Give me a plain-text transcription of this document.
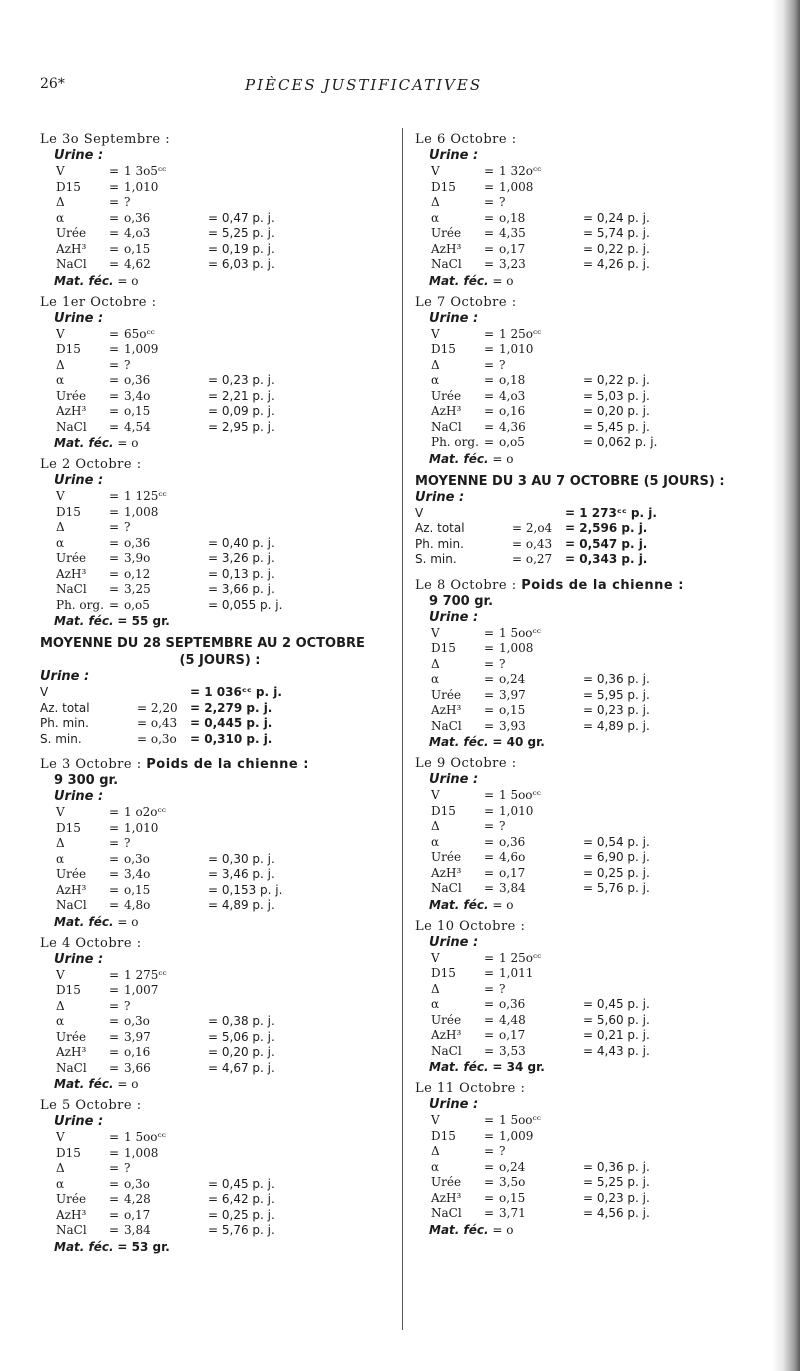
26*	PIÈCES JUSTIFICATIVES
Le 3o Septembre :
Urine :
V	= 1 3o5ᶜᶜ
D15 = 1,010
Δ	= ?
α	= o,36	= 0,47 p. j.
Urée = 4,o3	= 5,25 p. j.
AzH³ = o,15	= 0,19 p. j.
NaCl = 4,62	= 6,03 p. j.
Mat. féc. = o
Le 1er Octobre :
Urine :
V	= 65oᶜᶜ
D15 = 1,009
Δ	= ?
α	= o,36	= 0,23 p. j.
Urée = 3,4o	= 2,21 p. j.
AzH³ = o,15	= 0,09 p. j.
NaCl = 4,54	= 2,95 p. j.
Mat. féc. = o
Le 2 Octobre :
Urine :
V	= 1 125ᶜᶜ
D15 = 1,008
Δ	= ?
α	= o,36	= 0,40 p. j.
Urée = 3,9o	= 3,26 p. j.
AzH³ = o,12	= 0,13 p. j.
NaCl = 3,25	= 3,66 p. j.
Ph. org. = o,o5	= 0,055 p. j.
Mat. féc. = 55 gr.
MOYENNE DU 28 SEPTEMBRE AU 2 OCTOBRE
(5 JOURS) :
Urine :
V	= 1 036ᶜᶜ p. j.
Az. total	= 2,20 = 2,279 p. j.
Ph. min.	= o,43 = 0,445 p. j.
S. min.	= o,3o = 0,310 p. j.
Le 3 Octobre : Poids de la chienne :
9 300 gr.
Urine :
V	= 1 o2oᶜᶜ
D15 = 1,010
Δ	= ?
α	= o,3o	= 0,30 p. j.
Urée = 3,4o	= 3,46 p. j.
AzH³ = o,15	= 0,153 p. j.
NaCl = 4,8o	= 4,89 p. j.
Mat. féc. = o
Le 4 Octobre :
Urine :
V	= 1 275ᶜᶜ
D15 = 1,007
Δ	= ?
α	= o,3o	= 0,38 p. j.
Urée = 3,97	= 5,06 p. j.
AzH³ = o,16	= 0,20 p. j.
NaCl = 3,66	= 4,67 p. j.
Mat. féc. = o
Le 5 Octobre :
Urine :
V	= 1 5ooᶜᶜ
D15 = 1,008
Δ	= ?
α	= o,3o	= 0,45 p. j.
Urée = 4,28	= 6,42 p. j.
AzH³ = o,17	= 0,25 p. j.
NaCl = 3,84	= 5,76 p. j.
Mat. féc. = 53 gr.
Le 6 Octobre :
Urine :
V	= 1 32oᶜᶜ
D15 = 1,008
Δ	= ?
α	= o,18	= 0,24 p. j.
Urée = 4,35	= 5,74 p. j.
AzH³ = o,17	= 0,22 p. j.
NaCl = 3,23	= 4,26 p. j.
Mat. féc. = o
Le 7 Octobre :
Urine :
V	= 1 25oᶜᶜ
D15 = 1,010
Δ	= ?
α	= o,18	= 0,22 p. j.
Urée = 4,o3	= 5,03 p. j.
AzH³ = o,16	= 0,20 p. j.
NaCl = 4,36	= 5,45 p. j.
Ph. org. = o,o5	= 0,062 p. j.
Mat. féc. = o
MOYENNE DU 3 AU 7 OCTOBRE (5 JOURS) :
Urine :
V	= 1 273ᶜᶜ p. j.
Az. total	= 2,o4 = 2,596 p. j.
Ph. min.	= o,43 = 0,547 p. j.
S. min.	= o,27 = 0,343 p. j.
Le 8 Octobre : Poids de la chienne :
9 700 gr.
Urine :
V	= 1 5ooᶜᶜ
D15 = 1,008
Δ	= ?
α	= o,24	= 0,36 p. j.
Urée = 3,97	= 5,95 p. j.
AzH³ = o,15	= 0,23 p. j.
NaCl = 3,93	= 4,89 p. j.
Mat. féc. = 40 gr.
Le 9 Octobre :
Urine :
V	= 1 5ooᶜᶜ
D15 = 1,010
Δ	= ?
α	= o,36	= 0,54 p. j.
Urée = 4,6o	= 6,90 p. j.
AzH³ = o,17	= 0,25 p. j.
NaCl = 3,84	= 5,76 p. j.
Mat. féc. = o
Le 10 Octobre :
Urine :
V	= 1 25oᶜᶜ
D15 = 1,011
Δ	= ?
α	= o,36	= 0,45 p. j.
Urée = 4,48	= 5,60 p. j.
AzH³ = o,17	= 0,21 p. j.
NaCl = 3,53	= 4,43 p. j.
Mat. féc. = 34 gr.
Le 11 Octobre :
Urine :
V	= 1 5ooᶜᶜ
D15 = 1,009
Δ	= ?
α	= o,24	= 0,36 p. j.
Urée = 3,5o	= 5,25 p. j.
AzH³ = o,15	= 0,23 p. j.
NaCl = 3,71	= 4,56 p. j.
Mat. féc. = o
